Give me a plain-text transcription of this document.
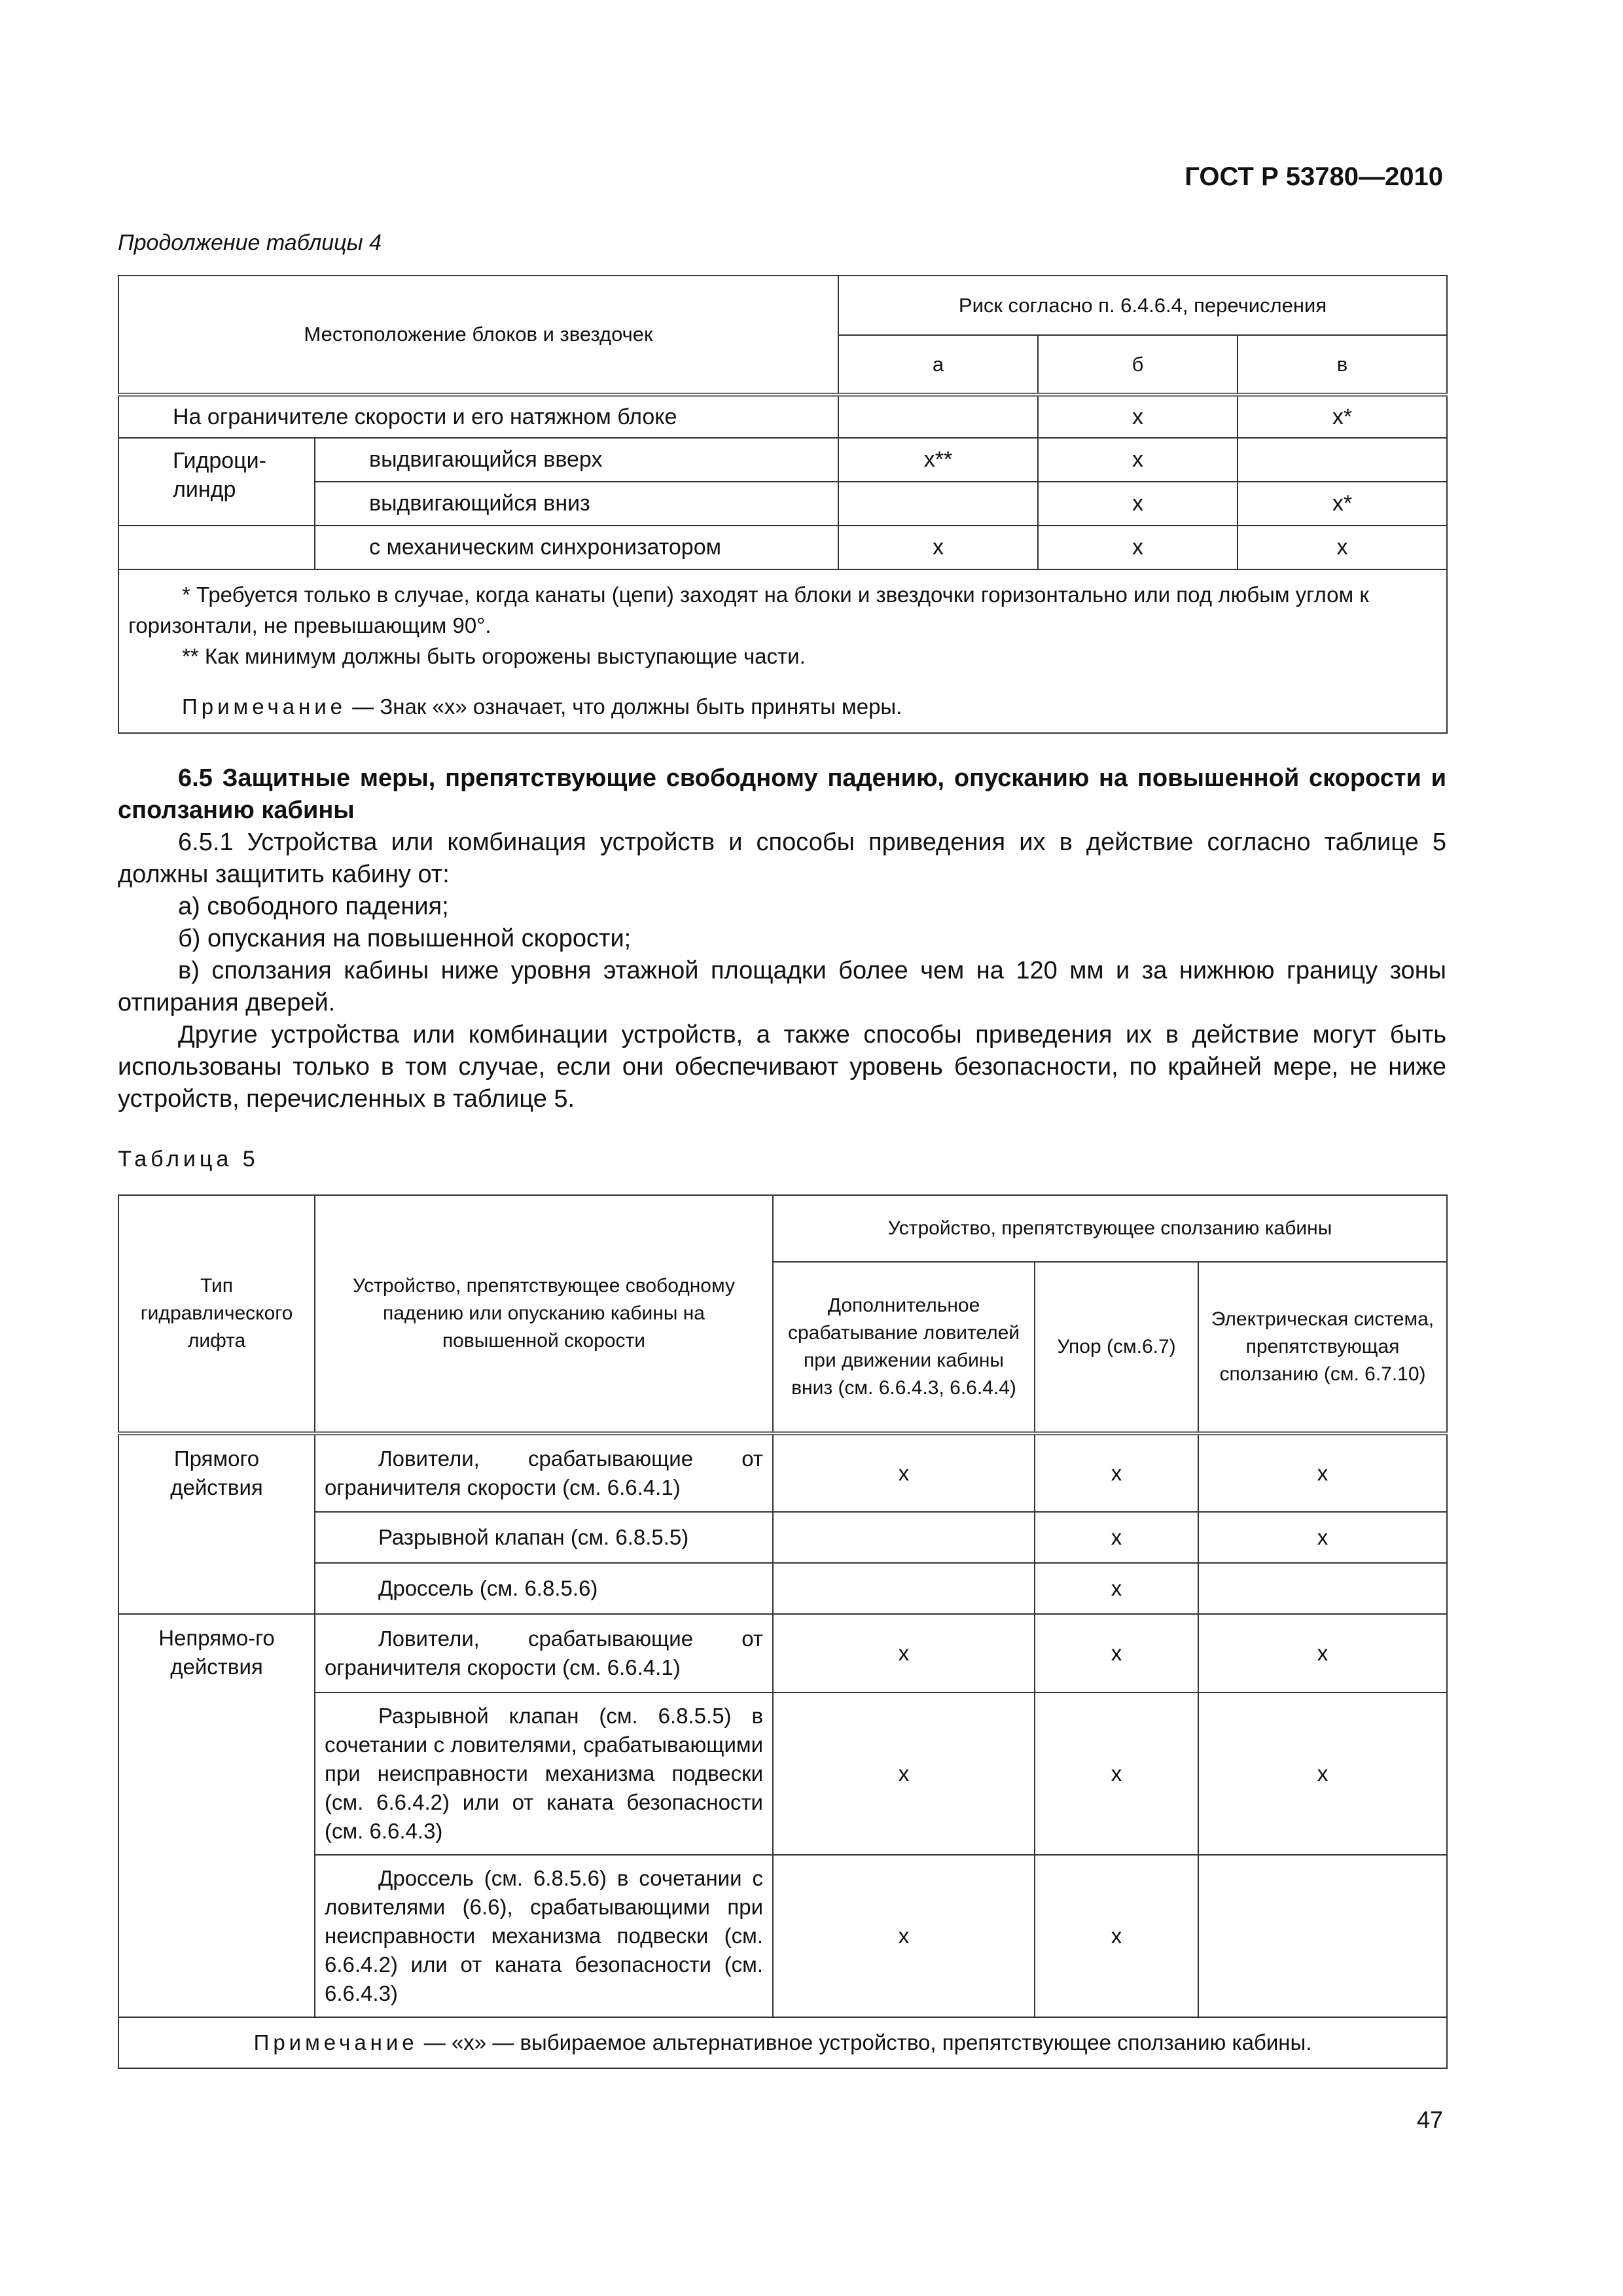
ГОСТ Р 53780—2010
Продолжение таблицы 4
Местоположение блоков и звездочек		Риск согласно п. 6.4.6.4, перечисления		
		а	б	в
На ограничителе скорости и его натяжном блоке			x	x*
Гидроци-
линдр	выдвигающийся вверх	x**	x	
	выдвигающийся вниз		x	x*
	с механическим синхронизатором	x	x	x

* Требуется только в случае, когда канаты (цепи) заходят на блоки и звездочки горизонтально или под любым углом к горизонтали, не превышающим 90°.
** Как минимум должны быть огорожены выступающие части.
Примечание — Знак «x» означает, что должны быть приняты меры.				

6.5 Защитные меры, препятствующие свободному падению, опусканию на повышенной скорости и сползанию кабины

6.5.1 Устройства или комбинация устройств и способы приведения их в действие согласно таблице 5 должны защитить кабину от:

а) свободного падения;

б) опускания на повышенной скорости;

в) сползания кабины ниже уровня этажной площадки более чем на 120 мм и за нижнюю границу зоны отпирания дверей.

Другие устройства или комбинации устройств, а также способы приведения их в действие могут быть использованы только в том случае, если они обеспечивают уровень безопасности, по крайней мере, не ниже устройств, перечисленных в таблице 5.

Таблица 5
Тип гидравлического лифта	Устройство, препятствующее свободному падению или опусканию кабины на повышенной скорости	Устройство, препятствующее сползанию кабины		
		Дополнительное срабатывание ловителей при движении кабины вниз (см. 6.6.4.3, 6.6.4.4)	Упор (см.6.7)	Электрическая система, препятствующая сползанию (см. 6.7.10)
Прямого действия	Ловители, срабатывающие от ограничителя скорости (см. 6.6.4.1)	x	x	x

	Разрывной клапан (см. 6.8.5.5)		x	x

	Дроссель (см. 6.8.5.6)		x	
Непрямо-го действия	Ловители, срабатывающие от ограничителя скорости (см. 6.6.4.1)	x	x	x

	Разрывной клапан (см. 6.8.5.5) в сочетании с ловителями, срабатывающими при неисправности механизма подвески (см. 6.6.4.2) или от каната безопасности (см. 6.6.4.3)	x	x	x

	Дроссель (см. 6.8.5.6) в сочетании с ловителями (6.6), срабатывающими при неисправности механизма подвески (см. 6.6.4.2) или от каната безопасности (см. 6.6.4.3)	x	x	
Примечание — «x» — выбираемое альтернативное устройство, препятствующее сползанию кабины.				
47
